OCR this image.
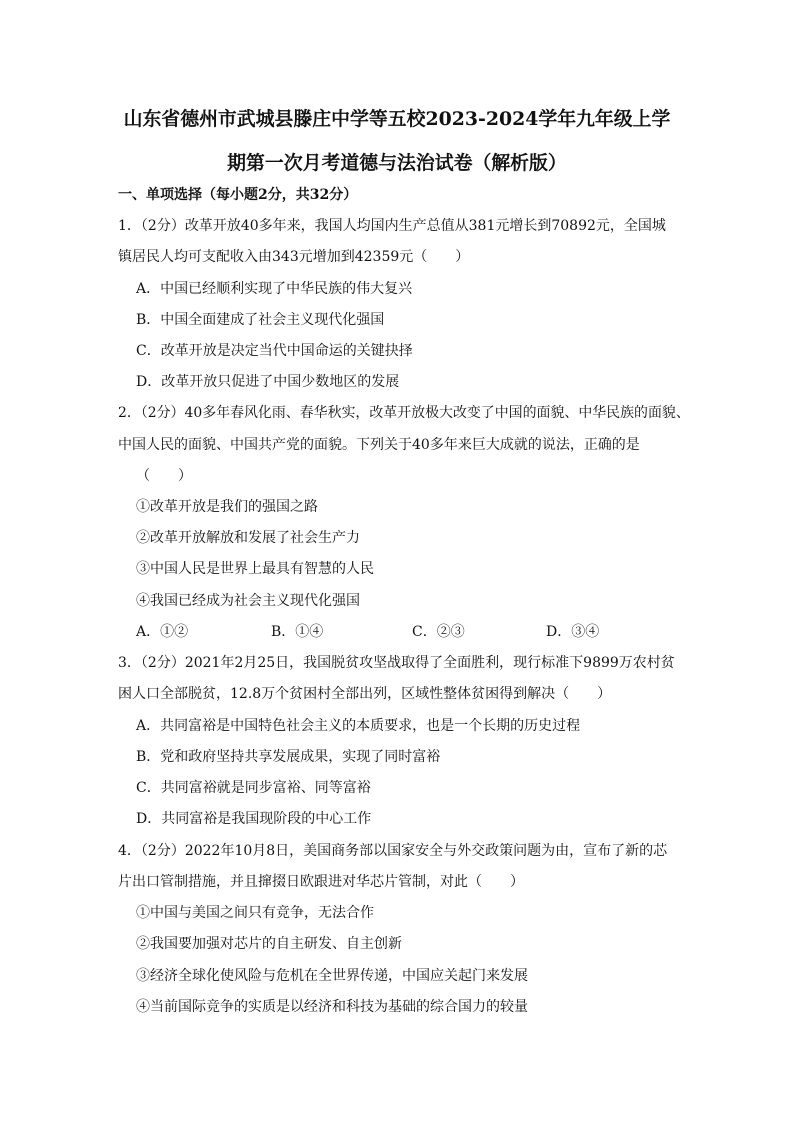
山东省德州市武城县滕庄中学等五校2023-2024学年九年级上学
期第一次月考道德与法治试卷（解析版）
一、单项选择（每小题2分，共32分）
1．（2分）改革开放40多年来，我国人均国内生产总值从381元增长到70892元，全国城
镇居民人均可支配收入由343元增加到42359元（　　）
A．中国已经顺利实现了中华民族的伟大复兴
B．中国全面建成了社会主义现代化强国
C．改革开放是决定当代中国命运的关键抉择
D．改革开放只促进了中国少数地区的发展
2．（2分）40多年春风化雨、春华秋实，改革开放极大改变了中国的面貌、中华民族的面貌、
中国人民的面貌、中国共产党的面貌。下列关于40多年来巨大成就的说法，正确的是
（　　）
①改革开放是我们的强国之路
②改革开放解放和发展了社会生产力
③中国人民是世界上最具有智慧的人民
④我国已经成为社会主义现代化强国
A．①②	B．①④	C．②③	D．③④
3．（2分）2021年2月25日，我国脱贫攻坚战取得了全面胜利，现行标准下9899万农村贫
困人口全部脱贫，12.8万个贫困村全部出列，区域性整体贫困得到解决（　　）
A．共同富裕是中国特色社会主义的本质要求，也是一个长期的历史过程
B．党和政府坚持共享发展成果，实现了同时富裕
C．共同富裕就是同步富裕、同等富裕
D．共同富裕是我国现阶段的中心工作
4．（2分）2022年10月8日，美国商务部以国家安全与外交政策问题为由，宣布了新的芯
片出口管制措施，并且撺掇日欧跟进对华芯片管制，对此（　　）
①中国与美国之间只有竞争，无法合作
②我国要加强对芯片的自主研发、自主创新
③经济全球化使风险与危机在全世界传递，中国应关起门来发展
④当前国际竞争的实质是以经济和科技为基础的综合国力的较量
